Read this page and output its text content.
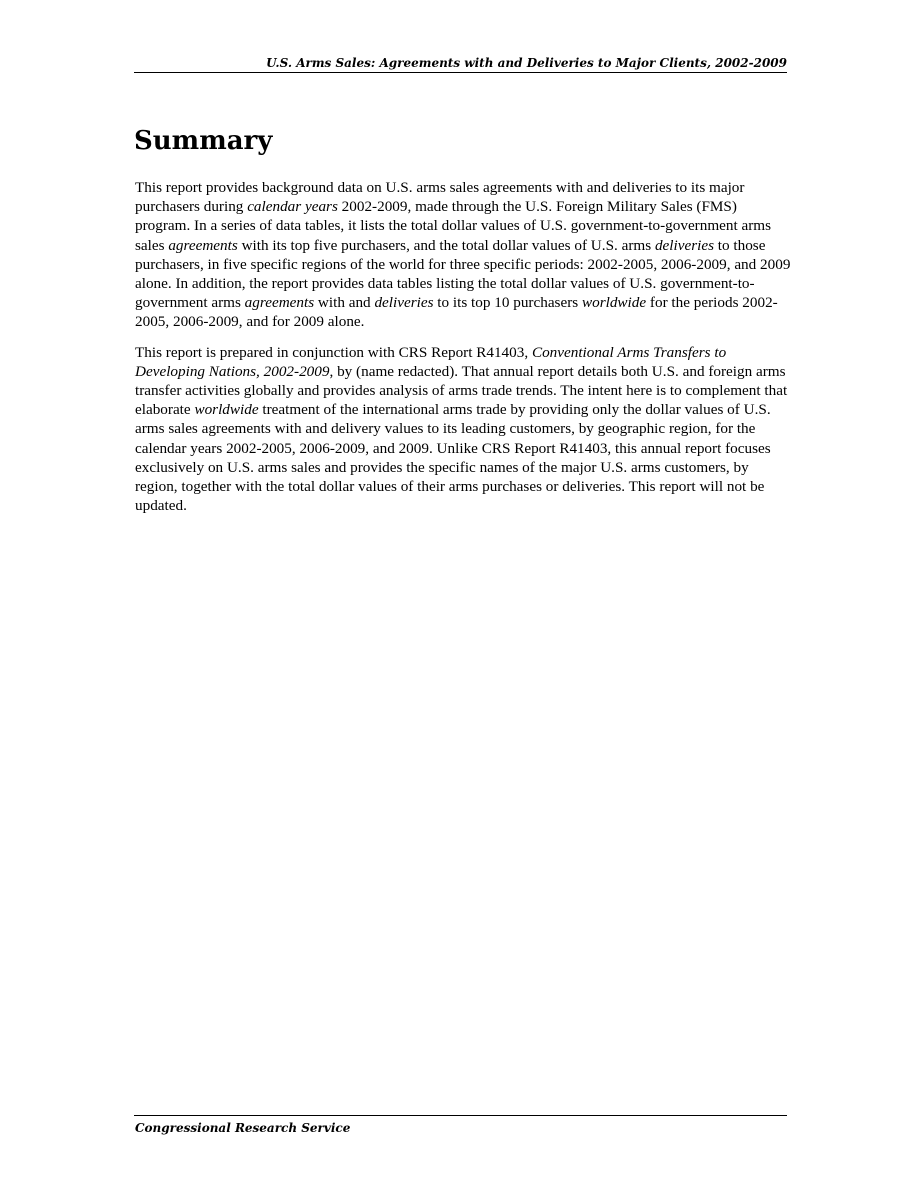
U.S. Arms Sales: Agreements with and Deliveries to Major Clients, 2002-2009
Summary

This report provides background data on U.S. arms sales agreements with and deliveries to its major purchasers during calendar years 2002-2009, made through the U.S. Foreign Military Sales (FMS) program. In a series of data tables, it lists the total dollar values of U.S. government-to-government arms sales agreements with its top five purchasers, and the total dollar values of U.S. arms deliveries to those purchasers, in five specific regions of the world for three specific periods: 2002-2005, 2006-2009, and 2009 alone. In addition, the report provides data tables listing the total dollar values of U.S. government-to-government arms agreements with and deliveries to its top 10 purchasers worldwide for the periods 2002-2005, 2006-2009, and for 2009 alone.

This report is prepared in conjunction with CRS Report R41403, Conventional Arms Transfers to Developing Nations, 2002-2009, by (name redacted). That annual report details both U.S. and foreign arms transfer activities globally and provides analysis of arms trade trends. The intent here is to complement that elaborate worldwide treatment of the international arms trade by providing only the dollar values of U.S. arms sales agreements with and delivery values to its leading customers, by geographic region, for the calendar years 2002-2005, 2006-2009, and 2009. Unlike CRS Report R41403, this annual report focuses exclusively on U.S. arms sales and provides the specific names of the major U.S. arms customers, by region, together with the total dollar values of their arms purchases or deliveries. This report will not be updated.

Congressional Research Service
